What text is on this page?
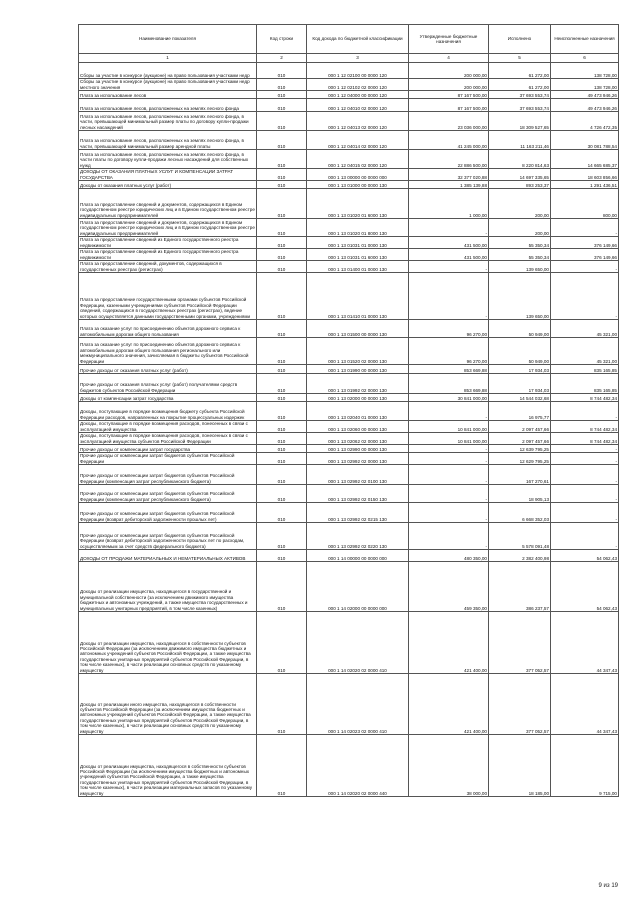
Наименование показателя	Код строки	Код дохода по бюджетной классификации	Утвержденные бюджетные назначения	Исполнено	Неисполненные назначения
1	2	3	4	5	6
Сборы за участие в конкурсе (аукционе) на право пользования участками недр	010	000 1 12 02100 00 0000 120	200 000,00	61 272,00	138 728,00
Сборы за участие в конкурсе (аукционе) на право пользования участками недр местного значения	010	000 1 12 02102 02 0000 120	200 000,00	61 272,00	138 728,00
Плата за использование лесов	010	000 1 12 04000 00 0000 120	87 167 500,00	37 693 553,74	49 473 946,26
Плата за использование лесов, расположенных на землях лесного фонда	010	000 1 12 04010 02 0000 120	87 167 500,00	37 693 553,74	49 473 946,26
Плата за использование лесов, расположенных на землях лесного фонда, в части, превышающей минимальный размер платы по договору купли-продажи лесных насаждений	010	000 1 12 04013 02 0000 120	23 036 000,00	18 309 527,65	4 726 472,35
Плата за использование лесов, расположенных на землях лесного фонда, в части, превышающей минимальный размер арендной платы	010	000 1 12 04014 02 0000 120	41 245 000,00	11 163 211,46	30 081 788,54
Плата за использование лесов, расположенных на землях лесного фонда, в части платы по договору купли-продажи лесных насаждений для собственных нужд	010	000 1 12 04015 02 0000 120	22 886 500,00	8 220 814,63	14 665 685,37
ДОХОДЫ ОТ ОКАЗАНИЯ ПЛАТНЫХ УСЛУГ И КОМПЕНСАЦИИ ЗАТРАТ ГОСУДАРСТВА	010	000 1 13 00000 00 0000 000	32 377 020,88	14 697 335,65	18 603 856,66
Доходы от оказания платных услуг (работ)	010	000 1 13 01000 00 0000 130	1 385 139,88	893 253,37	1 291 436,51
Плата за предоставление сведений и документов, содержащихся в Едином государственном реестре юридических лиц и в Едином государственном реестре индивидуальных предпринимателей	010	000 1 13 01020 01 6000 130	1 000,00	200,00	800,00
Плата за предоставление сведений и документов, содержащихся в Едином государственном реестре юридических лиц и в Едином государственном реестре индивидуальных предпринимателей	010	000 1 13 01020 01 8000 130	-	200,00	-
Плата за предоставление сведений из Единого государственного реестра недвижимости	010	000 1 13 01031 01 0000 130	431 500,00	55 350,34	376 149,66
Плата за предоставление сведений из Единого государственного реестра недвижимости	010	000 1 13 01031 01 6000 130	431 500,00	55 350,34	376 149,66
Плата за предоставление сведений, документов, содержащихся в государственных реестрах (регистрах)	010	000 1 13 01400 01 0000 130	-	139 650,00	-
Плата за предоставление государственными органами субъектов Российской Федерации, казенными учреждениями субъектов Российской Федерации сведений, содержащихся в государственных реестрах (регистрах), ведение которых осуществляется данными государственными органами, учреждениями	010	000 1 13 01410 01 0000 130	-	139 650,00	-
Плата за оказание услуг по присоединению объектов дорожного сервиса к автомобильным дорогам общего пользования	010	000 1 13 01500 00 0000 130	96 270,00	50 949,00	45 321,00
Плата за оказание услуг по присоединению объектов дорожного сервиса к автомобильным дорогам общего пользования регионального или межмуниципального значения, зачисляемая в бюджеты субъектов Российской Федерации	010	000 1 13 01520 02 0000 130	96 270,00	50 949,00	45 321,00
Прочие доходы от оказания платных услуг (работ)	010	000 1 13 01990 00 0000 130	853 669,88	17 934,03	835 165,85
Прочие доходы от оказания платных услуг (работ) получателями средств бюджетов субъектов Российской Федерации	010	000 1 13 01992 02 0000 130	853 669,88	17 934,03	835 165,85
Доходы от компенсации затрат государства	010	000 1 13 02000 00 0000 130	30 841 000,00	14 544 032,68	8 744 482,34
Доходы, поступающие в порядке возмещения бюджету субъекта Российской Федерации расходов, направленных на покрытие процессуальных издержек	010	000 1 13 02040 01 0000 130	-	16 975,77	-
Доходы, поступающие в порядке возмещения расходов, понесенных в связи с эксплуатацией имущества	010	000 1 13 02060 00 0000 130	10 841 000,00	2 097 457,66	8 744 482,34
Доходы, поступающие в порядке возмещения расходов, понесенных в связи с эксплуатацией имущества субъектов Российской Федерации	010	000 1 13 02062 02 0000 130	10 841 000,00	2 097 457,66	8 744 482,34
Прочие доходы от компенсации затрат государства	010	000 1 13 02990 00 0000 130	-	12 639 795,25	-
Прочие доходы от компенсации затрат бюджетов субъектов Российской Федерации	010	000 1 13 02992 02 0000 130	-	12 629 795,25	-
Прочие доходы от компенсации затрат бюджетов субъектов Российской Федерации (компенсация затрат республиканского бюджета)	010	000 1 13 02992 02 0100 130	-	167 270,61	-
Прочие доходы от компенсации затрат бюджетов субъектов Российской Федерации (компенсация затрат республиканского бюджета)	010	000 1 13 02992 02 0150 130	-	18 905,13	-
Прочие доходы от компенсации затрат бюджетов субъектов Российской Федерации (возврат дебиторской задолженности прошлых лет)	010	000 1 13 02992 02 0215 130	-	6 668 352,03	-
Прочие доходы от компенсации затрат бюджетов субъектов Российской Федерации (возврат дебиторской задолженности прошлых лет по расходам, осуществляемым за счет средств федерального бюджета)	010	000 1 13 02992 02 0220 130	-	5 578 091,48	-
ДОХОДЫ ОТ ПРОДАЖИ МАТЕРИАЛЬНЫХ И НЕМАТЕРИАЛЬНЫХ АКТИВОВ	010	000 1 14 00000 00 0000 000	480 350,00	2 382 400,98	54 062,43
Доходы от реализации имущества, находящегося в государственной и муниципальной собственности (за исключением движимого имущества бюджетных и автономных учреждений, а также имущества государственных и муниципальных унитарных предприятий, в том числе казенных)	010	000 1 14 02000 00 0000 000	459 350,00	386 237,57	54 062,43
Доходы от реализации имущества, находящегося в собственности субъектов Российской Федерации (за исключением движимого имущества бюджетных и автономных учреждений субъектов Российской Федерации, а также имущества государственных унитарных предприятий субъектов Российской Федерации, в том числе казенных), в части реализации основных средств по указанному имуществу	010	000 1 14 02020 02 0000 410	421 400,00	377 052,57	44 347,43
Доходы от реализации иного имущества, находящегося в собственности субъектов Российской Федерации (за исключением имущества бюджетных и автономных учреждений субъектов Российской Федерации, а также имущества государственных унитарных предприятий субъектов Российской Федерации, в том числе казенных), в части реализации основных средств по указанному имуществу	010	000 1 14 02023 02 0000 410	421 400,00	377 052,57	44 347,43
Доходы от реализации имущества, находящегося в собственности субъектов Российской Федерации (за исключением имущества бюджетных и автономных учреждений субъектов Российской Федерации, а также имущества государственных унитарных предприятий субъектов Российской Федерации, в том числе казенных), в части реализации материальных запасов по указанному имуществу	010	000 1 14 02020 02 0000 440	38 000,00	18 185,00	9 715,00
9 из 19
